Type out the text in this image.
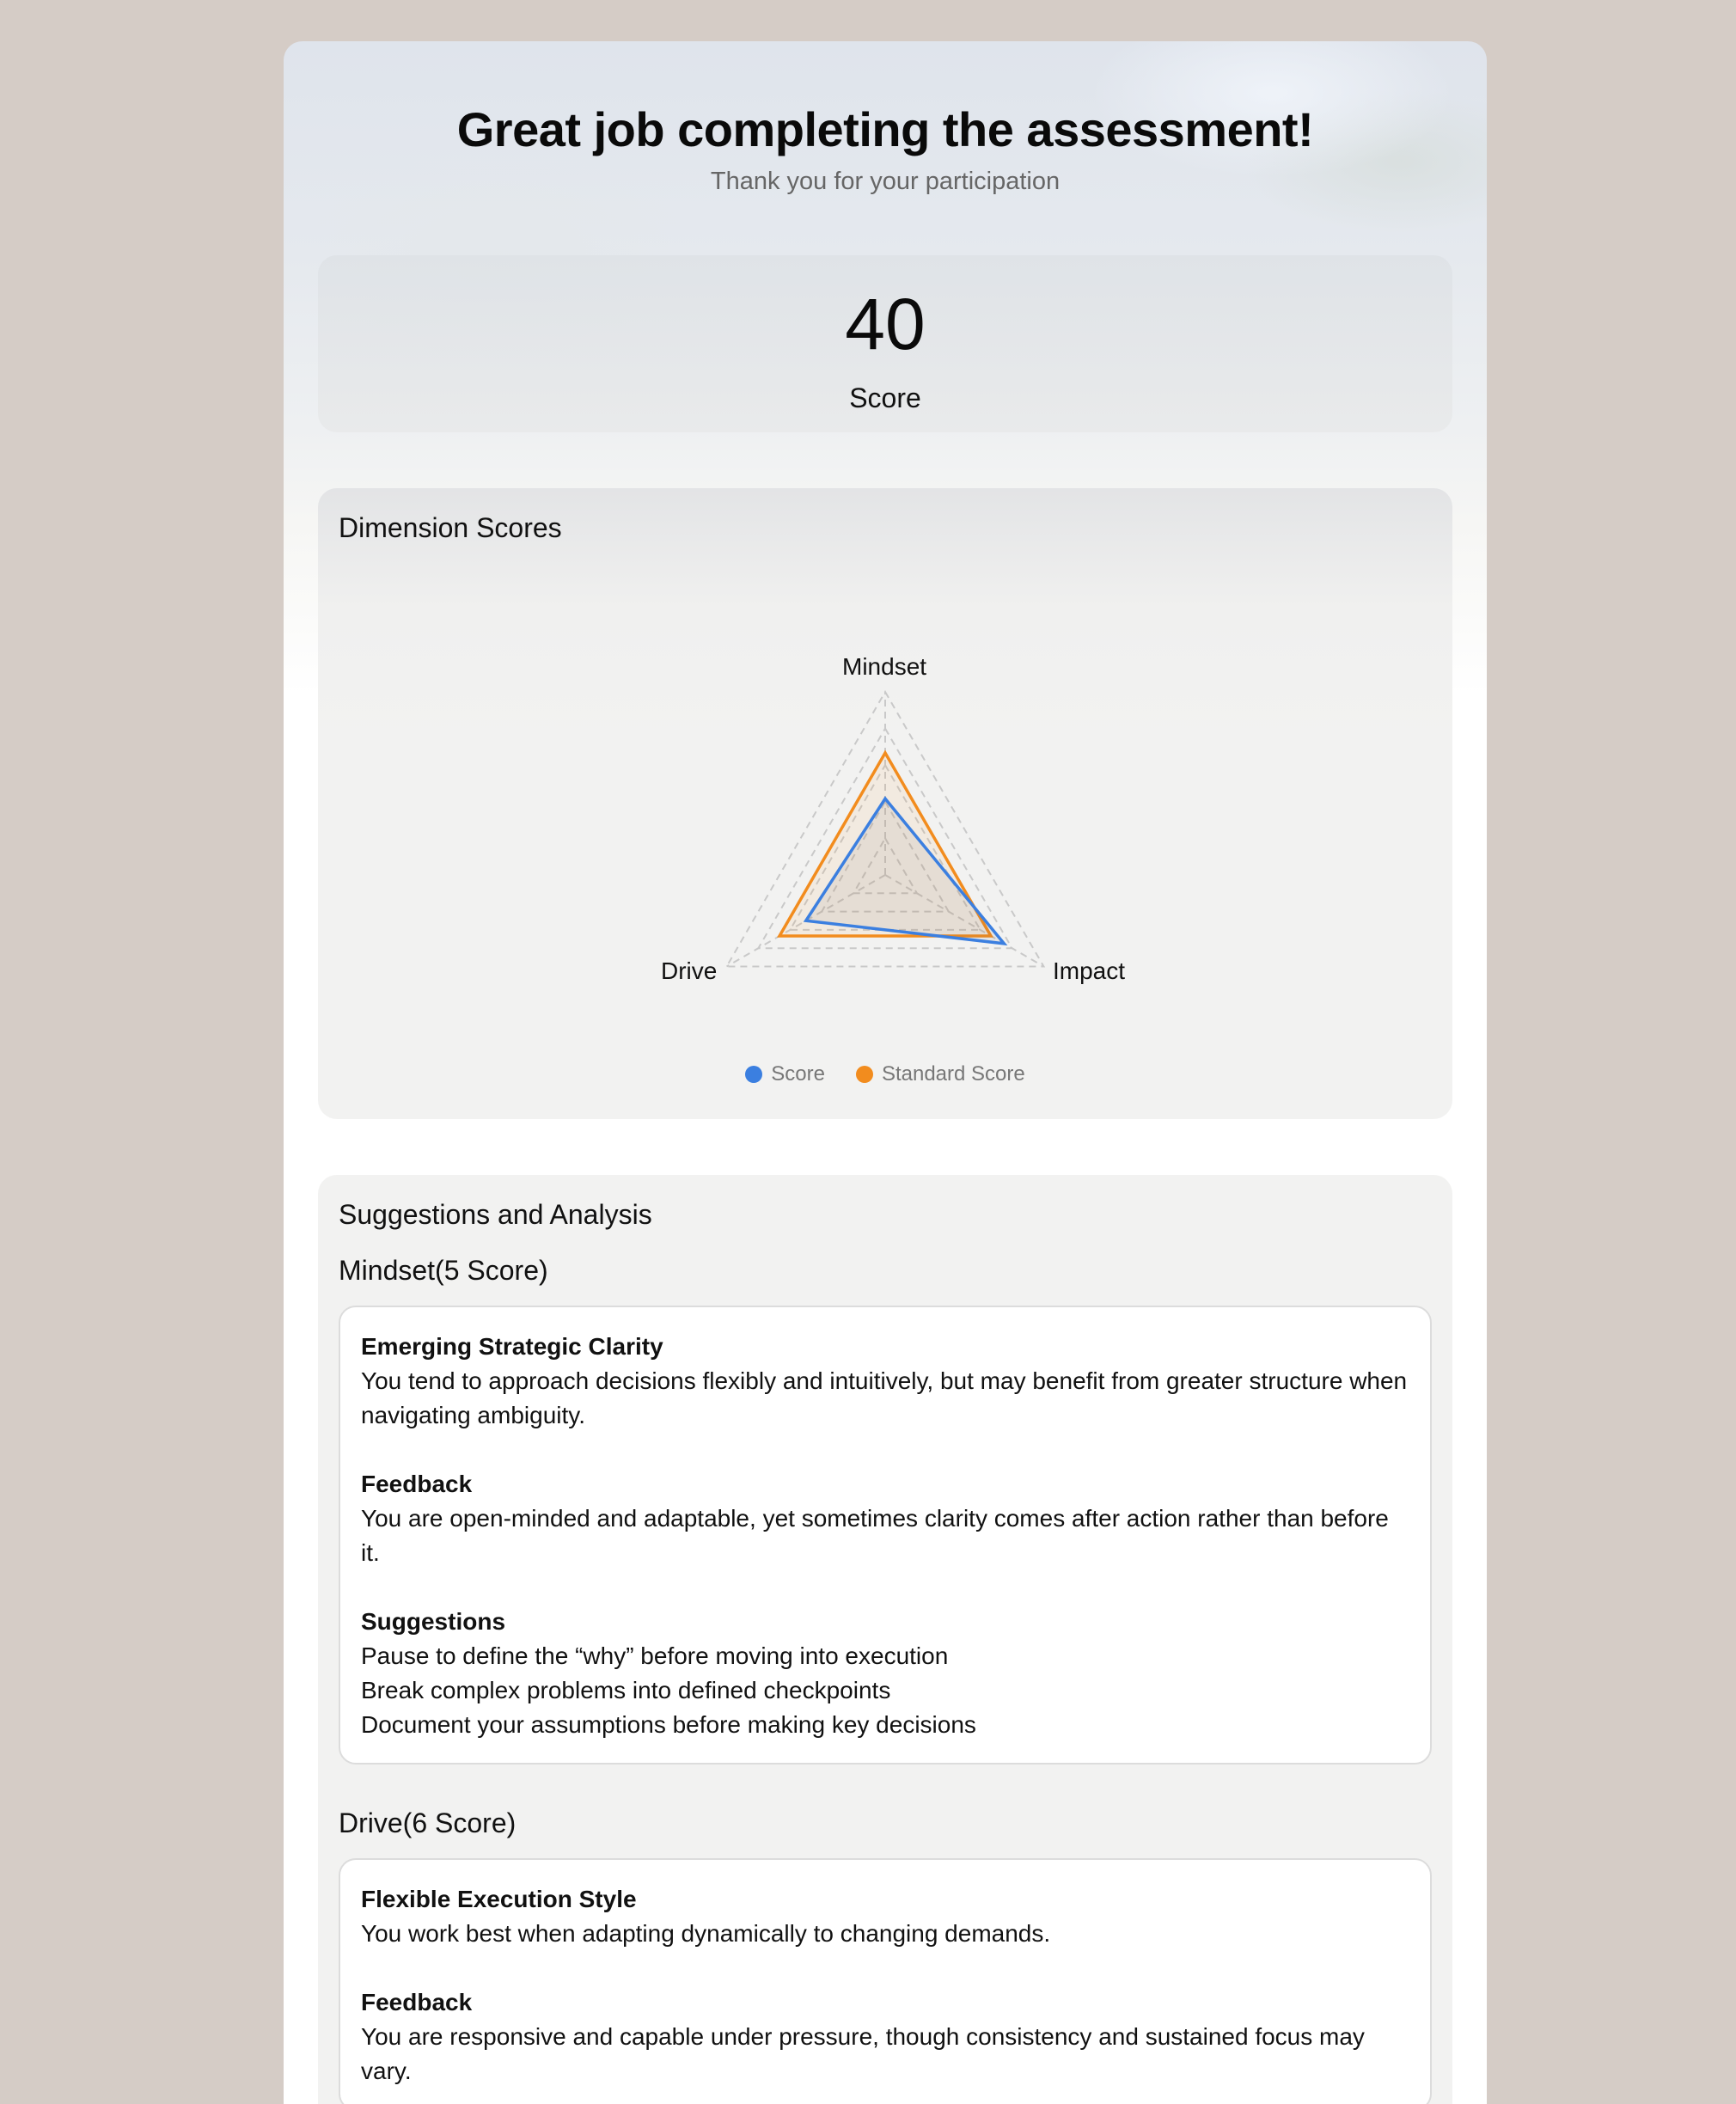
Great job completing the assessment!
Thank you for your participation
40
Score
Dimension Scores
Mindset
Drive	Impact
Score	Standard Score
Suggestions and Analysis
Mindset(5 Score)
Emerging Strategic Clarity
You tend to approach decisions flexibly and intuitively, but may benefit from greater structure when navigating ambiguity.
Feedback
You are open-minded and adaptable, yet sometimes clarity comes after action rather than before it.
Suggestions
Pause to define the “why” before moving into execution
Break complex problems into defined checkpoints
Document your assumptions before making key decisions
Drive(6 Score)
Flexible Execution Style
You work best when adapting dynamically to changing demands.
Feedback
You are responsive and capable under pressure, though consistency and sustained focus may vary.
